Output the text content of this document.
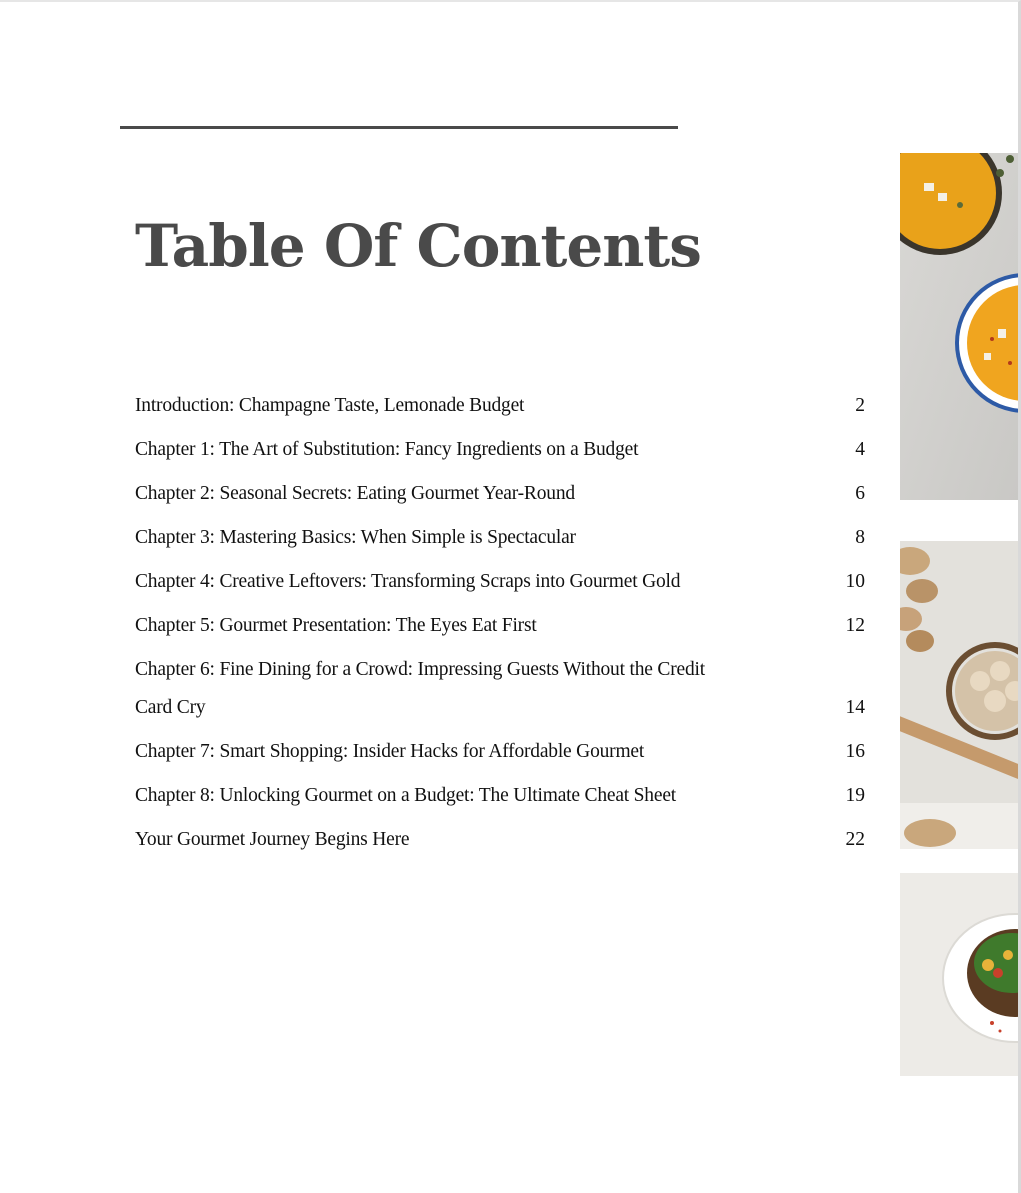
Table Of Contents
Introduction: Champagne Taste, Lemonade Budget	2
Chapter 1: The Art of Substitution: Fancy Ingredients on a Budget	4
Chapter 2: Seasonal Secrets: Eating Gourmet Year-Round	6
Chapter 3: Mastering Basics: When Simple is Spectacular	8
Chapter 4: Creative Leftovers: Transforming Scraps into Gourmet Gold	10
Chapter 5: Gourmet Presentation: The Eyes Eat First	12
Chapter 6: Fine Dining for a Crowd: Impressing Guests Without the Credit Card Cry	14
Chapter 7: Smart Shopping: Insider Hacks for Affordable Gourmet	16
Chapter 8: Unlocking Gourmet on a Budget: The Ultimate Cheat Sheet	19
Your Gourmet Journey Begins Here	22
